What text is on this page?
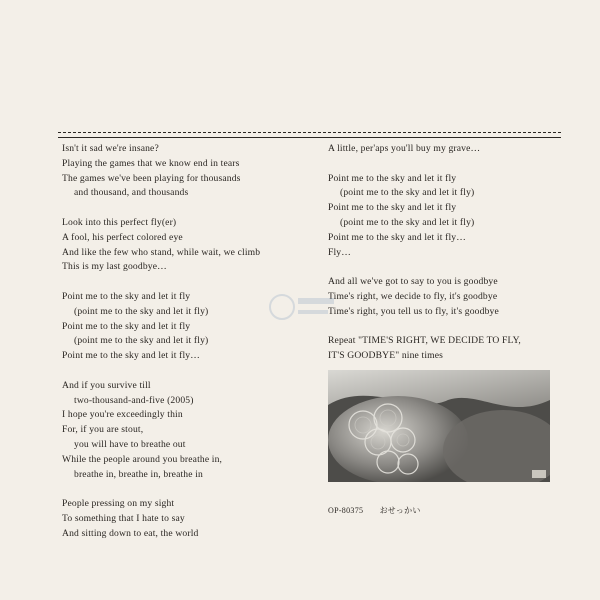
Isn't it sad we're insane?
Playing the games that we know end in tears
The games we've been playing for thousands
and thousand, and thousands
Look into this perfect fly(er)
A fool, his perfect colored eye
And like the few who stand, while wait, we climb
This is my last goodbye…
Point me to the sky and let it fly
(point me to the sky and let it fly)
Point me to the sky and let it fly
(point me to the sky and let it fly)
Point me to the sky and let it fly…
And if you survive till
two-thousand-and-five (2005)
I hope you're exceedingly thin
For, if you are stout,
you will have to breathe out
While the people around you breathe in,
breathe in, breathe in, breathe in
People pressing on my sight
To something that I hate to say
And sitting down to eat, the world
A little, per'aps you'll buy my grave…
Point me to the sky and let it fly
(point me to the sky and let it fly)
Point me to the sky and let it fly
(point me to the sky and let it fly)
Point me to the sky and let it fly…
Fly…
And all we've got to say to you is goodbye
Time's right, we decide to fly, it's goodbye
Time's right, you tell us to fly, it's goodbye
Repeat "TIME'S RIGHT, WE DECIDE TO FLY,
IT'S GOODBYE" nine times
OP-80375 おせっかい
